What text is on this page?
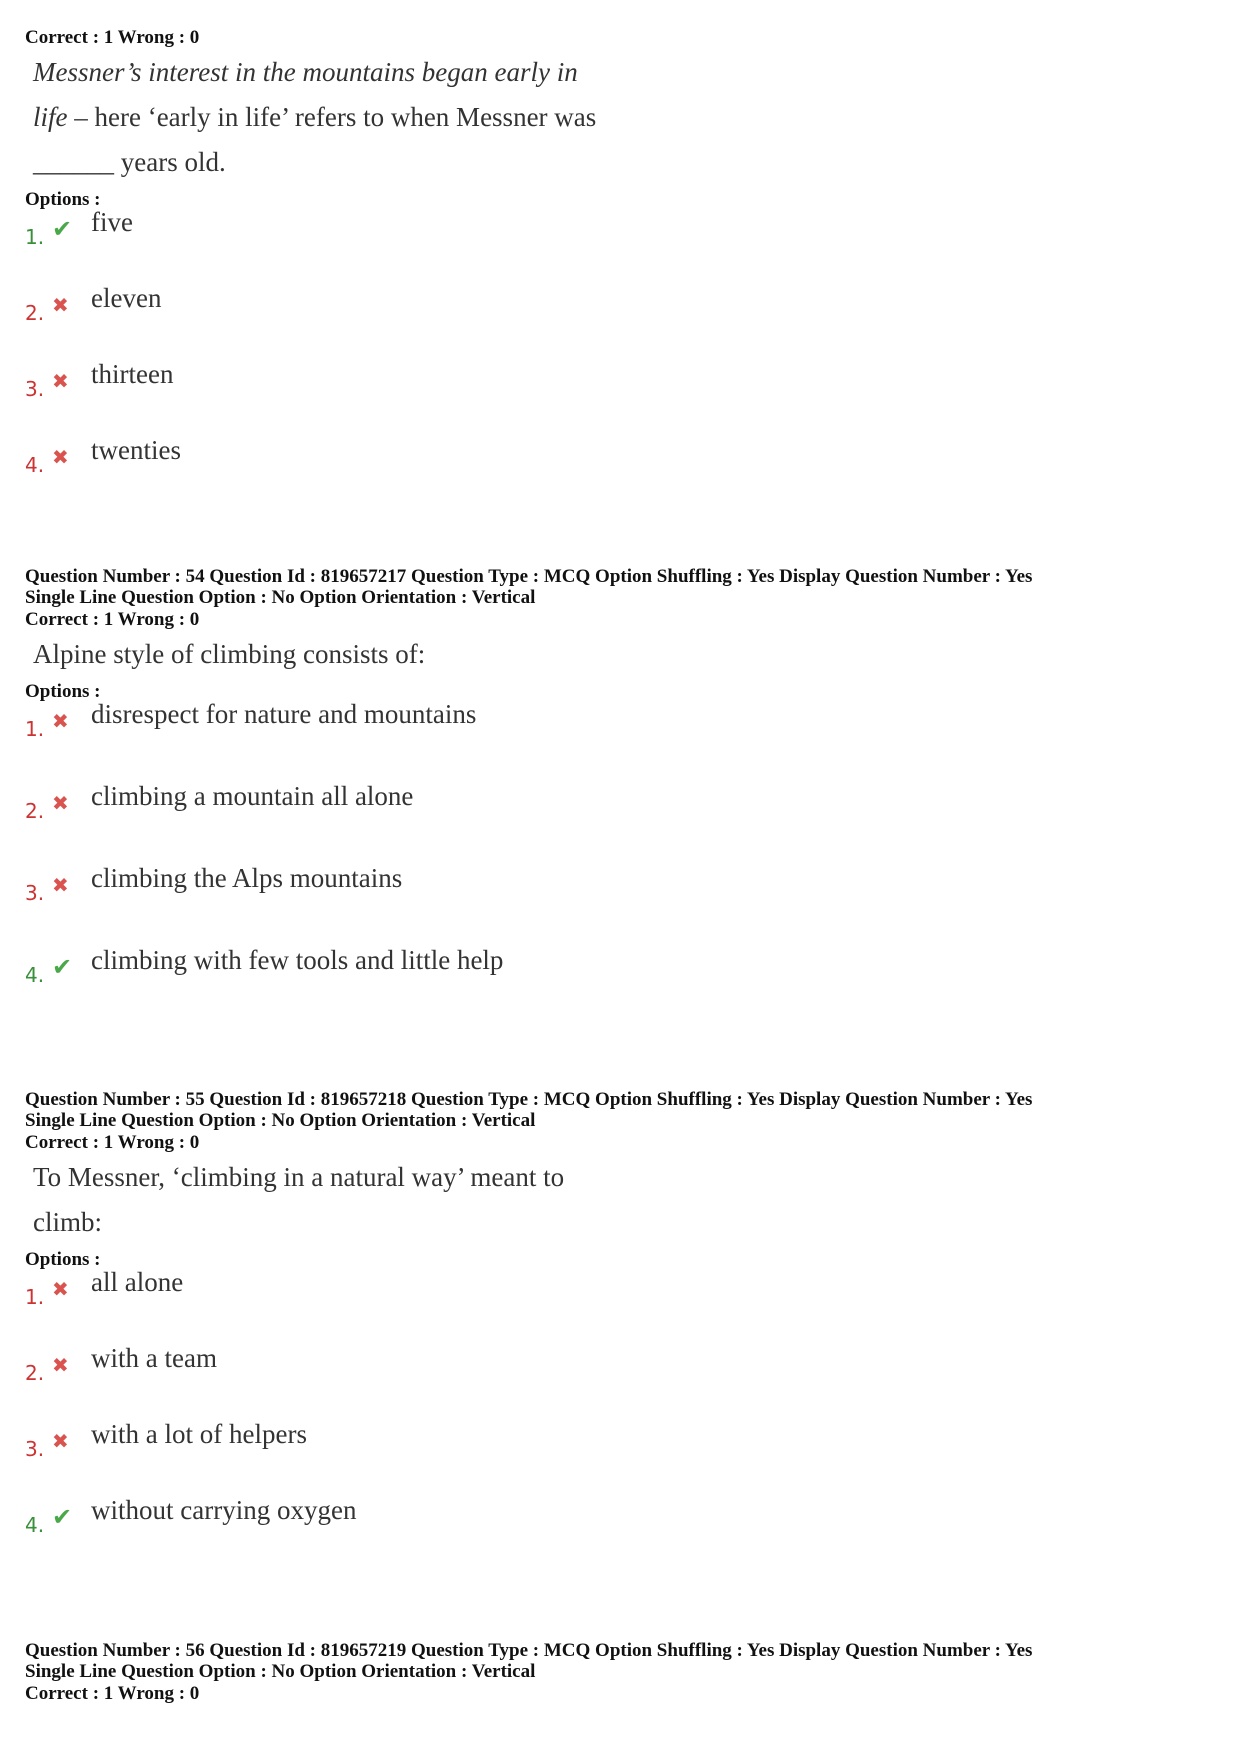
Correct : 1 Wrong : 0

Messner’s interest in the mountains began early in
life – here ‘early in life’ refers to when Messner was
______ years old.

Options :

1. ✔ five
2. ✖ eleven
3. ✖ thirteen
4. ✖ twenties

Question Number : 54 Question Id : 819657217 Question Type : MCQ Option Shuffling : Yes Display Question Number : Yes

Single Line Question Option : No Option Orientation : Vertical

Correct : 1 Wrong : 0

Alpine style of climbing consists of:

Options :

1. ✖ disrespect for nature and mountains
2. ✖ climbing a mountain all alone
3. ✖ climbing the Alps mountains
4. ✔ climbing with few tools and little help

Question Number : 55 Question Id : 819657218 Question Type : MCQ Option Shuffling : Yes Display Question Number : Yes

Single Line Question Option : No Option Orientation : Vertical

Correct : 1 Wrong : 0

To Messner, ‘climbing in a natural way’ meant to
climb:

Options :

1. ✖ all alone
2. ✖ with a team
3. ✖ with a lot of helpers
4. ✔ without carrying oxygen

Question Number : 56 Question Id : 819657219 Question Type : MCQ Option Shuffling : Yes Display Question Number : Yes

Single Line Question Option : No Option Orientation : Vertical

Correct : 1 Wrong : 0
